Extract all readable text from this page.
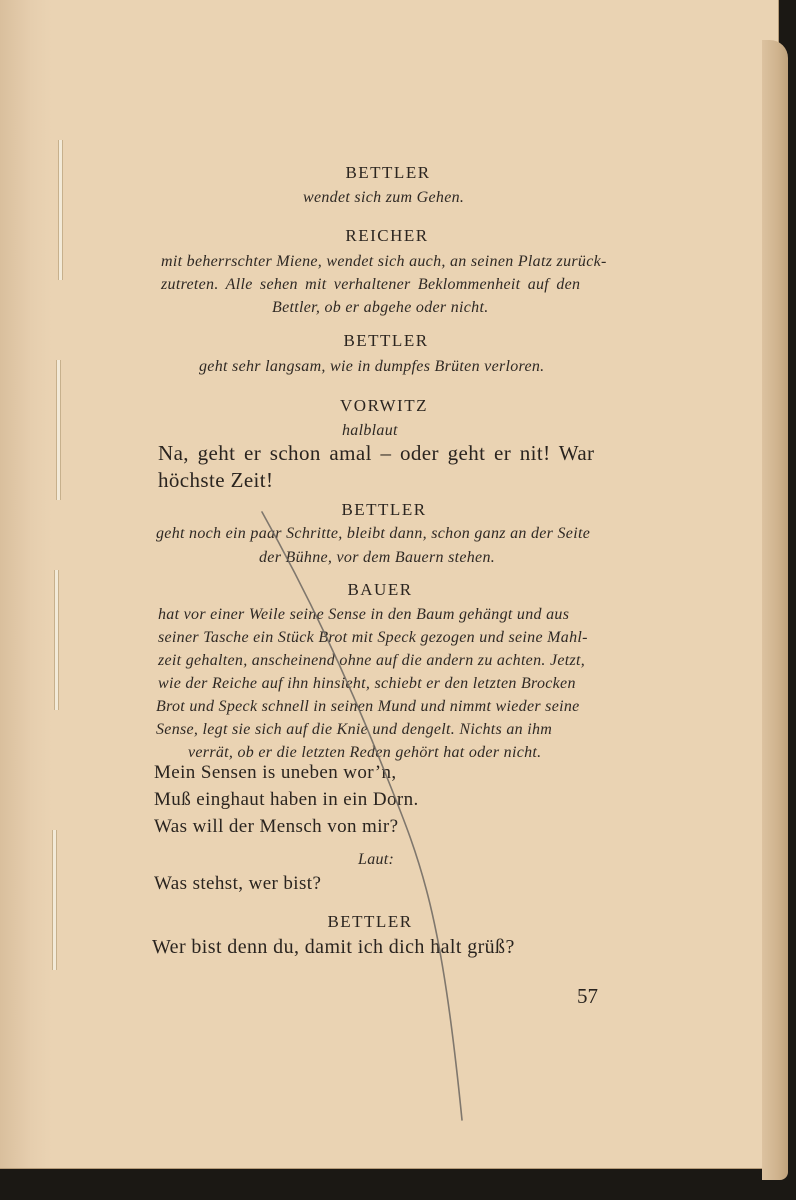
BETTLER
wendet sich zum Gehen.
REICHER
mit beherrschter Miene, wendet sich auch, an seinen Platz zurück-
zutreten. Alle sehen mit verhaltener Beklommenheit auf den
Bettler, ob er abgehe oder nicht.
BETTLER
geht sehr langsam, wie in dumpfes Brüten verloren.
VORWITZ
halblaut
Na, geht er schon amal – oder geht er nit! War
höchste Zeit!
BETTLER
geht noch ein paar Schritte, bleibt dann, schon ganz an der Seite
der Bühne, vor dem Bauern stehen.
BAUER
hat vor einer Weile seine Sense in den Baum gehängt und aus
seiner Tasche ein Stück Brot mit Speck gezogen und seine Mahl-
zeit gehalten, anscheinend ohne auf die andern zu achten. Jetzt,
wie der Reiche auf ihn hinsieht, schiebt er den letzten Brocken
Brot und Speck schnell in seinen Mund und nimmt wieder seine
Sense, legt sie sich auf die Knie und dengelt. Nichts an ihm
verrät, ob er die letzten Reden gehört hat oder nicht.
Mein Sensen is uneben wor’n,
Muß einghaut haben in ein Dorn.
Was will der Mensch von mir?
Laut:
Was stehst, wer bist?
BETTLER
Wer bist denn du, damit ich dich halt grüß?
57
